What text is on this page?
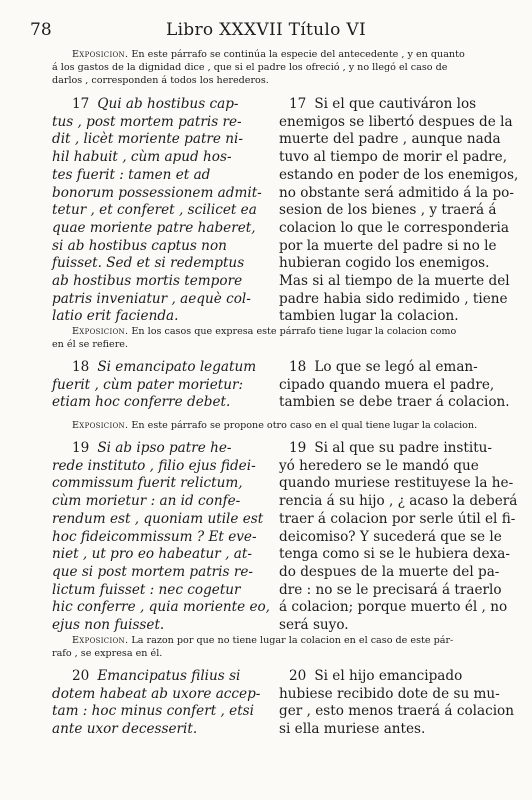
78	Libro XXXVII Título VI
Exposicion. En este párrafo se continúa la especie del antecedente , y en quanto
á los gastos de la dignidad dice , que si el padre los ofreció , y no llegó el caso de
darlos , corresponden á todos los herederos.
17 Qui ab hostibus cap-
tus , post mortem patris re-
dit , licèt moriente patre ni-
hil habuit , cùm apud hos-
tes fuerit : tamen et ad
bonorum possessionem admit-
tetur , et conferet , scilicet ea
quae moriente patre haberet,
si ab hostibus captus non
fuisset. Sed et si redemptus
ab hostibus mortis tempore
patris inveniatur , aequè col-
latio erit facienda.
17 Si el que cautiváron los
enemigos se libertó despues de la
muerte del padre , aunque nada
tuvo al tiempo de morir el padre,
estando en poder de los enemigos,
no obstante será admitido á la po-
sesion de los bienes , y traerá á
colacion lo que le corresponderia
por la muerte del padre si no le
hubieran cogido los enemigos.
Mas si al tiempo de la muerte del
padre habia sido redimido , tiene
tambien lugar la colacion.
Exposicion. En los casos que expresa este párrafo tiene lugar la colacion como
en él se refiere.
18 Si emancipato legatum
fuerit , cùm pater morietur:
etiam hoc conferre debet.
18 Lo que se legó al eman-
cipado quando muera el padre,
tambien se debe traer á colacion.
Exposicion. En este párrafo se propone otro caso en el qual tiene lugar la colacion.
19 Si ab ipso patre he-
rede instituto , filio ejus fidei-
commissum fuerit relictum,
cùm morietur : an id confe-
rendum est , quoniam utile est
hoc fideicommissum ? Et eve-
niet , ut pro eo habeatur , at-
que si post mortem patris re-
lictum fuisset : nec cogetur
hic conferre , quia moriente eo,
ejus non fuisset.
19 Si al que su padre institu-
yó heredero se le mandó que
quando muriese restituyese la he-
rencia á su hijo , ¿ acaso la deberá
traer á colacion por serle útil el fi-
deicomiso? Y sucederá que se le
tenga como si se le hubiera dexa-
do despues de la muerte del pa-
dre : no se le precisará á traerlo
á colacion; porque muerto él , no
será suyo.
Exposicion. La razon por que no tiene lugar la colacion en el caso de este pár-
rafo , se expresa en él.
20 Emancipatus filius si
dotem habeat ab uxore accep-
tam : hoc minus confert , etsi
ante uxor decesserit.
20 Si el hijo emancipado
hubiese recibido dote de su mu-
ger , esto menos traerá á colacion
si ella muriese antes.
